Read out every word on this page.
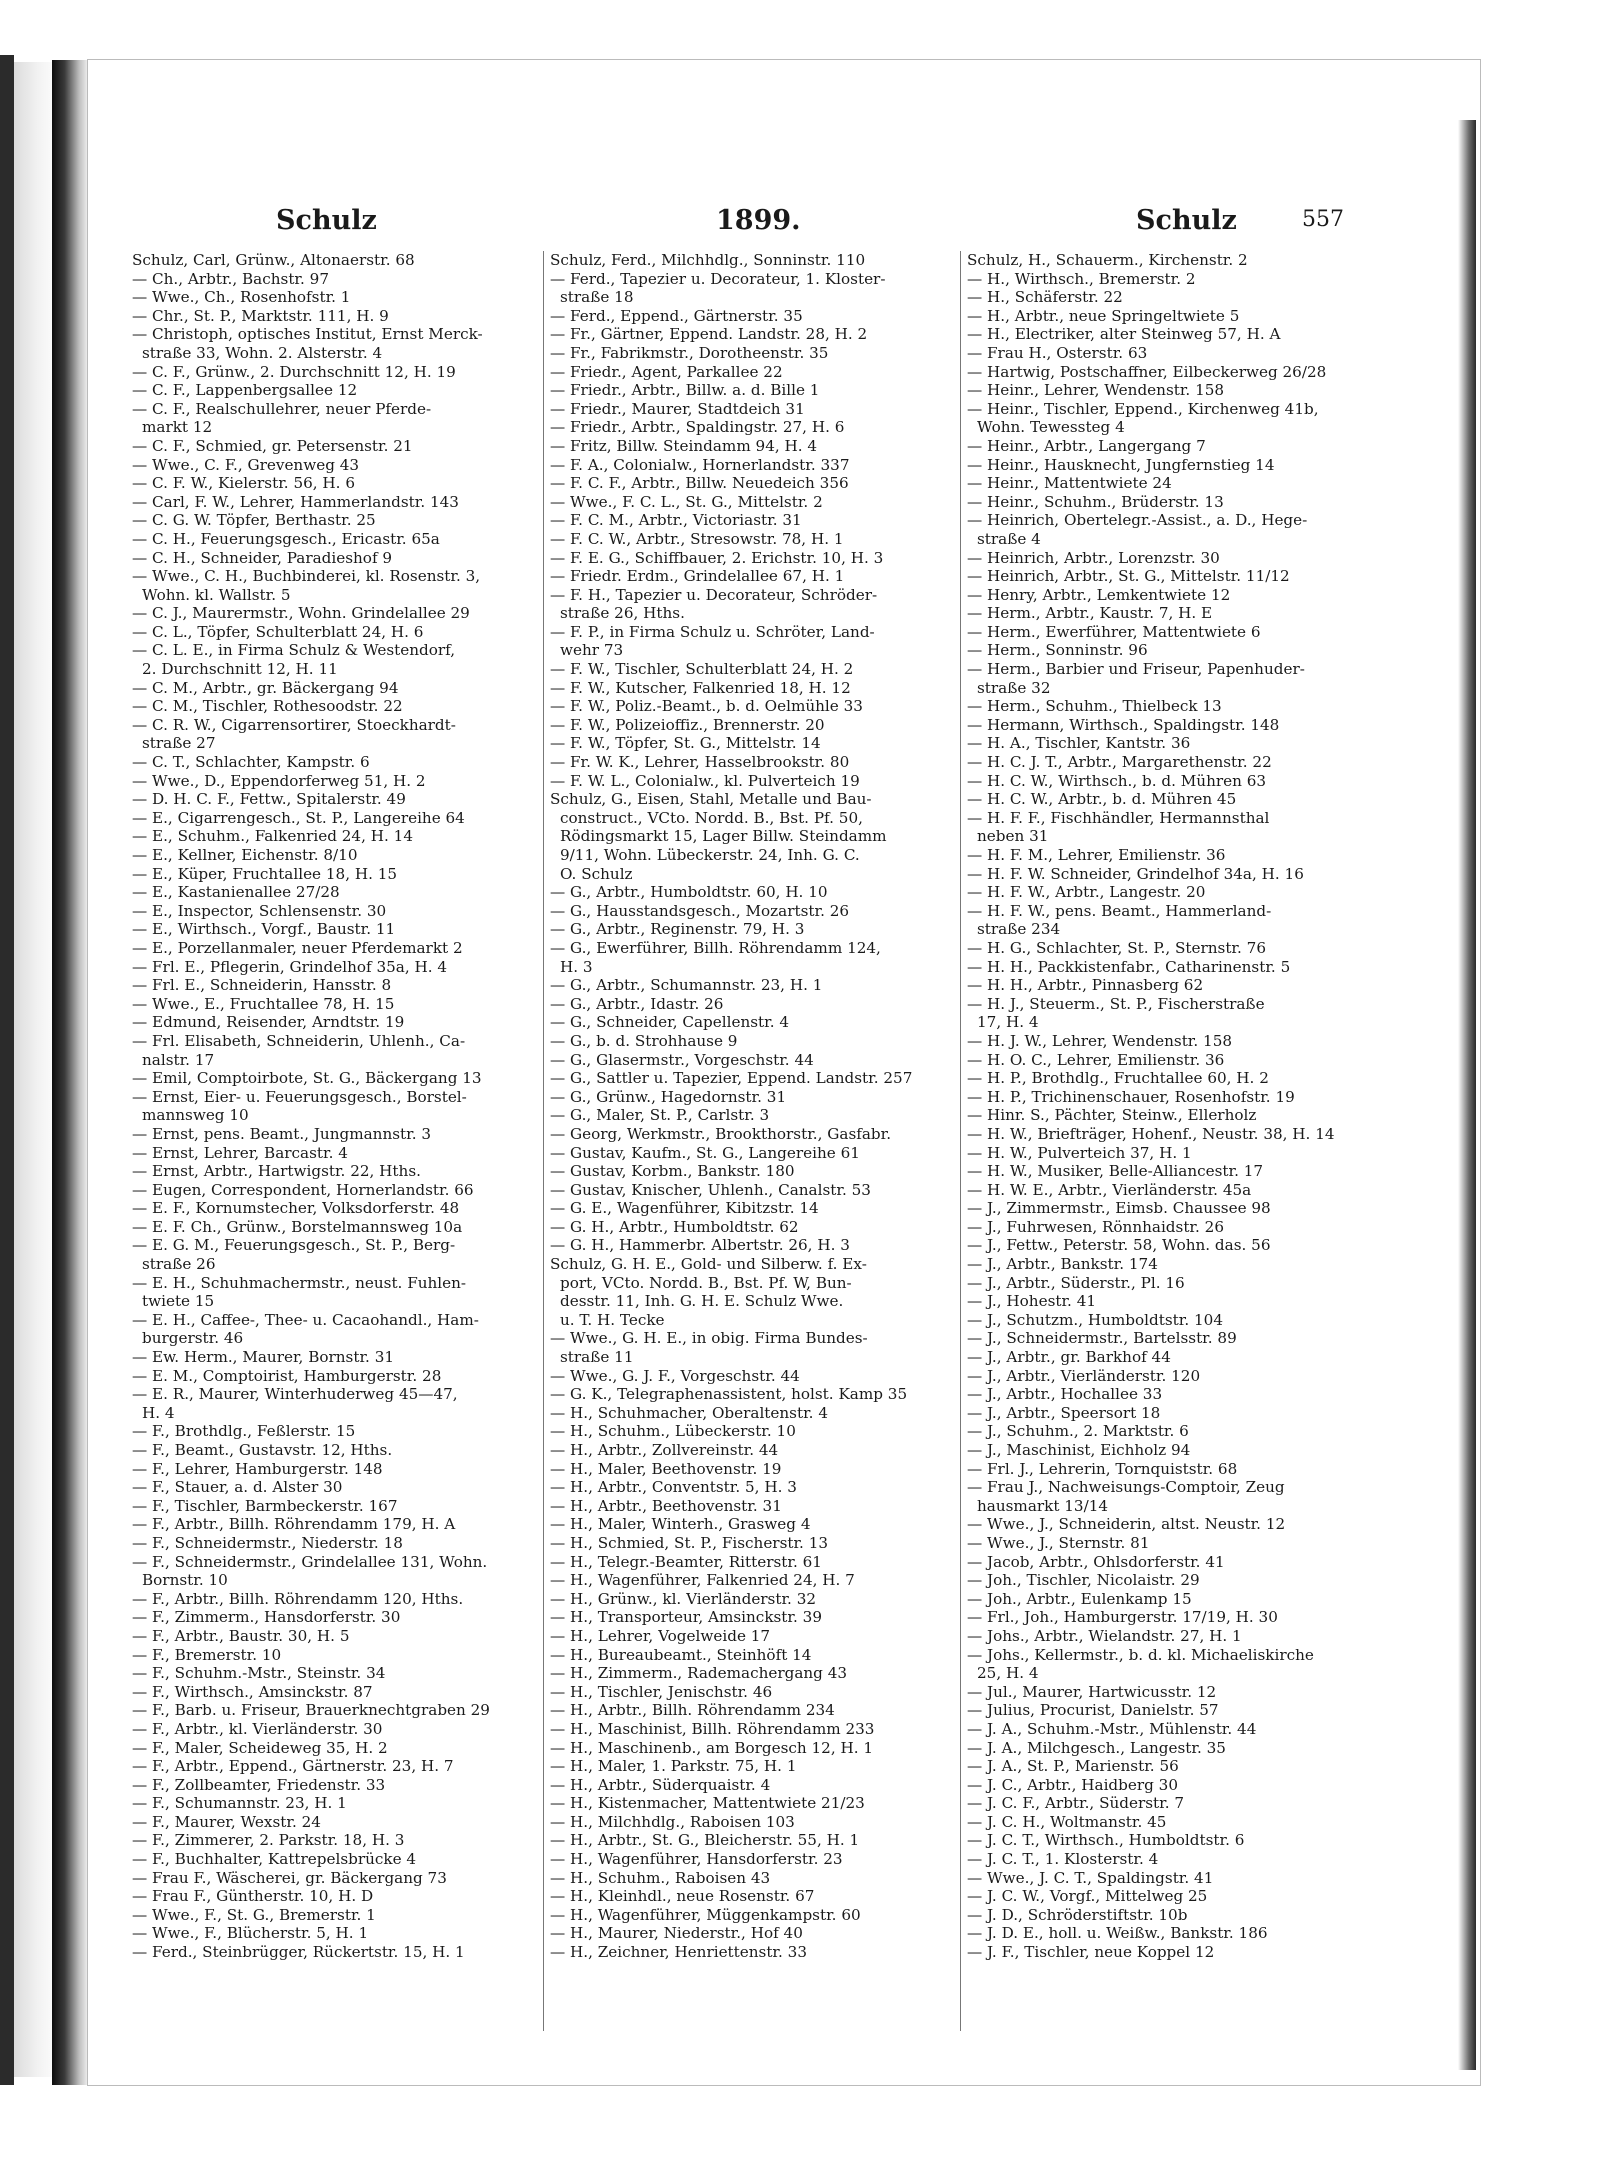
Schulz	1899.	Schulz	557
Schulz, Carl, Grünw., Altonaerstr. 68
— Ch., Arbtr., Bachstr. 97
— Wwe., Ch., Rosenhofstr. 1
— Chr., St. P., Marktstr. 111, H. 9
— Christoph, optisches Institut, Ernst Merck-
straße 33, Wohn. 2. Alsterstr. 4
— C. F., Grünw., 2. Durchschnitt 12, H. 19
— C. F., Lappenbergsallee 12
— C. F., Realschullehrer, neuer Pferde-
markt 12
— C. F., Schmied, gr. Petersenstr. 21
— Wwe., C. F., Grevenweg 43
— C. F. W., Kielerstr. 56, H. 6
— Carl, F. W., Lehrer, Hammerlandstr. 143
— C. G. W. Töpfer, Berthastr. 25
— C. H., Feuerungsgesch., Ericastr. 65a
— C. H., Schneider, Paradieshof 9
— Wwe., C. H., Buchbinderei, kl. Rosenstr. 3,
Wohn. kl. Wallstr. 5
— C. J., Maurermstr., Wohn. Grindelallee 29
— C. L., Töpfer, Schulterblatt 24, H. 6
— C. L. E., in Firma Schulz & Westendorf,
2. Durchschnitt 12, H. 11
— C. M., Arbtr., gr. Bäckergang 94
— C. M., Tischler, Rothesoodstr. 22
— C. R. W., Cigarrensortirer, Stoeckhardt-
straße 27
— C. T., Schlachter, Kampstr. 6
— Wwe., D., Eppendorferweg 51, H. 2
— D. H. C. F., Fettw., Spitalerstr. 49
— E., Cigarrengesch., St. P., Langereihe 64
— E., Schuhm., Falkenried 24, H. 14
— E., Kellner, Eichenstr. 8/10
— E., Küper, Fruchtallee 18, H. 15
— E., Kastanienallee 27/28
— E., Inspector, Schlensenstr. 30
— E., Wirthsch., Vorgf., Baustr. 11
— E., Porzellanmaler, neuer Pferdemarkt 2
— Frl. E., Pflegerin, Grindelhof 35a, H. 4
— Frl. E., Schneiderin, Hansstr. 8
— Wwe., E., Fruchtallee 78, H. 15
— Edmund, Reisender, Arndtstr. 19
— Frl. Elisabeth, Schneiderin, Uhlenh., Ca-
nalstr. 17
— Emil, Comptoirbote, St. G., Bäckergang 13
— Ernst, Eier- u. Feuerungsgesch., Borstel-
mannsweg 10
— Ernst, pens. Beamt., Jungmannstr. 3
— Ernst, Lehrer, Barcastr. 4
— Ernst, Arbtr., Hartwigstr. 22, Hths.
— Eugen, Correspondent, Hornerlandstr. 66
— E. F., Kornumstecher, Volksdorferstr. 48
— E. F. Ch., Grünw., Borstelmannsweg 10a
— E. G. M., Feuerungsgesch., St. P., Berg-
straße 26
— E. H., Schuhmachermstr., neust. Fuhlen-
twiete 15
— E. H., Caffee-, Thee- u. Cacaohandl., Ham-
burgerstr. 46
— Ew. Herm., Maurer, Bornstr. 31
— E. M., Comptoirist, Hamburgerstr. 28
— E. R., Maurer, Winterhuderweg 45—47,
H. 4
— F., Brothdlg., Feßlerstr. 15
— F., Beamt., Gustavstr. 12, Hths.
— F., Lehrer, Hamburgerstr. 148
— F., Stauer, a. d. Alster 30
— F., Tischler, Barmbeckerstr. 167
— F., Arbtr., Billh. Röhrendamm 179, H. A
— F., Schneidermstr., Niederstr. 18
— F., Schneidermstr., Grindelallee 131, Wohn.
Bornstr. 10
— F., Arbtr., Billh. Röhrendamm 120, Hths.
— F., Zimmerm., Hansdorferstr. 30
— F., Arbtr., Baustr. 30, H. 5
— F., Bremerstr. 10
— F., Schuhm.-Mstr., Steinstr. 34
— F., Wirthsch., Amsinckstr. 87
— F., Barb. u. Friseur, Brauerknechtgraben 29
— F., Arbtr., kl. Vierländerstr. 30
— F., Maler, Scheideweg 35, H. 2
— F., Arbtr., Eppend., Gärtnerstr. 23, H. 7
— F., Zollbeamter, Friedenstr. 33
— F., Schumannstr. 23, H. 1
— F., Maurer, Wexstr. 24
— F., Zimmerer, 2. Parkstr. 18, H. 3
— F., Buchhalter, Kattrepelsbrücke 4
— Frau F., Wäscherei, gr. Bäckergang 73
— Frau F., Güntherstr. 10, H. D
— Wwe., F., St. G., Bremerstr. 1
— Wwe., F., Blücherstr. 5, H. 1
— Ferd., Steinbrügger, Rückertstr. 15, H. 1
Schulz, Ferd., Milchhdlg., Sonninstr. 110
— Ferd., Tapezier u. Decorateur, 1. Kloster-
straße 18
— Ferd., Eppend., Gärtnerstr. 35
— Fr., Gärtner, Eppend. Landstr. 28, H. 2
— Fr., Fabrikmstr., Dorotheenstr. 35
— Friedr., Agent, Parkallee 22
— Friedr., Arbtr., Billw. a. d. Bille 1
— Friedr., Maurer, Stadtdeich 31
— Friedr., Arbtr., Spaldingstr. 27, H. 6
— Fritz, Billw. Steindamm 94, H. 4
— F. A., Colonialw., Hornerlandstr. 337
— F. C. F., Arbtr., Billw. Neuedeich 356
— Wwe., F. C. L., St. G., Mittelstr. 2
— F. C. M., Arbtr., Victoriastr. 31
— F. C. W., Arbtr., Stresowstr. 78, H. 1
— F. E. G., Schiffbauer, 2. Erichstr. 10, H. 3
— Friedr. Erdm., Grindelallee 67, H. 1
— F. H., Tapezier u. Decorateur, Schröder-
straße 26, Hths.
— F. P., in Firma Schulz u. Schröter, Land-
wehr 73
— F. W., Tischler, Schulterblatt 24, H. 2
— F. W., Kutscher, Falkenried 18, H. 12
— F. W., Poliz.-Beamt., b. d. Oelmühle 33
— F. W., Polizeioffiz., Brennerstr. 20
— F. W., Töpfer, St. G., Mittelstr. 14
— Fr. W. K., Lehrer, Hasselbrookstr. 80
— F. W. L., Colonialw., kl. Pulverteich 19
Schulz, G., Eisen, Stahl, Metalle und Bau-
construct., VCto. Nordd. B., Bst. Pf. 50,
Rödingsmarkt 15, Lager Billw. Steindamm
9/11, Wohn. Lübeckerstr. 24, Inh. G. C.
O. Schulz
— G., Arbtr., Humboldtstr. 60, H. 10
— G., Hausstandsgesch., Mozartstr. 26
— G., Arbtr., Reginenstr. 79, H. 3
— G., Ewerführer, Billh. Röhrendamm 124,
H. 3
— G., Arbtr., Schumannstr. 23, H. 1
— G., Arbtr., Idastr. 26
— G., Schneider, Capellenstr. 4
— G., b. d. Strohhause 9
— G., Glasermstr., Vorgeschstr. 44
— G., Sattler u. Tapezier, Eppend. Landstr. 257
— G., Grünw., Hagedornstr. 31
— G., Maler, St. P., Carlstr. 3
— Georg, Werkmstr., Brookthorstr., Gasfabr.
— Gustav, Kaufm., St. G., Langereihe 61
— Gustav, Korbm., Bankstr. 180
— Gustav, Knischer, Uhlenh., Canalstr. 53
— G. E., Wagenführer, Kibitzstr. 14
— G. H., Arbtr., Humboldtstr. 62
— G. H., Hammerbr. Albertstr. 26, H. 3
Schulz, G. H. E., Gold- und Silberw. f. Ex-
port, VCto. Nordd. B., Bst. Pf. W, Bun-
desstr. 11, Inh. G. H. E. Schulz Wwe.
u. T. H. Tecke
— Wwe., G. H. E., in obig. Firma Bundes-
straße 11
— Wwe., G. J. F., Vorgeschstr. 44
— G. K., Telegraphenassistent, holst. Kamp 35
— H., Schuhmacher, Oberaltenstr. 4
— H., Schuhm., Lübeckerstr. 10
— H., Arbtr., Zollvereinstr. 44
— H., Maler, Beethovenstr. 19
— H., Arbtr., Conventstr. 5, H. 3
— H., Arbtr., Beethovenstr. 31
— H., Maler, Winterh., Grasweg 4
— H., Schmied, St. P., Fischerstr. 13
— H., Telegr.-Beamter, Ritterstr. 61
— H., Wagenführer, Falkenried 24, H. 7
— H., Grünw., kl. Vierländerstr. 32
— H., Transporteur, Amsinckstr. 39
— H., Lehrer, Vogelweide 17
— H., Bureaubeamt., Steinhöft 14
— H., Zimmerm., Rademachergang 43
— H., Tischler, Jenischstr. 46
— H., Arbtr., Billh. Röhrendamm 234
— H., Maschinist, Billh. Röhrendamm 233
— H., Maschinenb., am Borgesch 12, H. 1
— H., Maler, 1. Parkstr. 75, H. 1
— H., Arbtr., Süderquaistr. 4
— H., Kistenmacher, Mattentwiete 21/23
— H., Milchhdlg., Raboisen 103
— H., Arbtr., St. G., Bleicherstr. 55, H. 1
— H., Wagenführer, Hansdorferstr. 23
— H., Schuhm., Raboisen 43
— H., Kleinhdl., neue Rosenstr. 67
— H., Wagenführer, Müggenkampstr. 60
— H., Maurer, Niederstr., Hof 40
— H., Zeichner, Henriettenstr. 33
Schulz, H., Schauerm., Kirchenstr. 2
— H., Wirthsch., Bremerstr. 2
— H., Schäferstr. 22
— H., Arbtr., neue Springeltwiete 5
— H., Electriker, alter Steinweg 57, H. A
— Frau H., Osterstr. 63
— Hartwig, Postschaffner, Eilbeckerweg 26/28
— Heinr., Lehrer, Wendenstr. 158
— Heinr., Tischler, Eppend., Kirchenweg 41b,
Wohn. Tewessteg 4
— Heinr., Arbtr., Langergang 7
— Heinr., Hausknecht, Jungfernstieg 14
— Heinr., Mattentwiete 24
— Heinr., Schuhm., Brüderstr. 13
— Heinrich, Obertelegr.-Assist., a. D., Hege-
straße 4
— Heinrich, Arbtr., Lorenzstr. 30
— Heinrich, Arbtr., St. G., Mittelstr. 11/12
— Henry, Arbtr., Lemkentwiete 12
— Herm., Arbtr., Kaustr. 7, H. E
— Herm., Ewerführer, Mattentwiete 6
— Herm., Sonninstr. 96
— Herm., Barbier und Friseur, Papenhuder-
straße 32
— Herm., Schuhm., Thielbeck 13
— Hermann, Wirthsch., Spaldingstr. 148
— H. A., Tischler, Kantstr. 36
— H. C. J. T., Arbtr., Margarethenstr. 22
— H. C. W., Wirthsch., b. d. Mühren 63
— H. C. W., Arbtr., b. d. Mühren 45
— H. F. F., Fischhändler, Hermannsthal
neben 31
— H. F. M., Lehrer, Emilienstr. 36
— H. F. W. Schneider, Grindelhof 34a, H. 16
— H. F. W., Arbtr., Langestr. 20
— H. F. W., pens. Beamt., Hammerland-
straße 234
— H. G., Schlachter, St. P., Sternstr. 76
— H. H., Packkistenfabr., Catharinenstr. 5
— H. H., Arbtr., Pinnasberg 62
— H. J., Steuerm., St. P., Fischerstraße
17, H. 4
— H. J. W., Lehrer, Wendenstr. 158
— H. O. C., Lehrer, Emilienstr. 36
— H. P., Brothdlg., Fruchtallee 60, H. 2
— H. P., Trichinenschauer, Rosenhofstr. 19
— Hinr. S., Pächter, Steinw., Ellerholz
— H. W., Briefträger, Hohenf., Neustr. 38, H. 14
— H. W., Pulverteich 37, H. 1
— H. W., Musiker, Belle-Alliancestr. 17
— H. W. E., Arbtr., Vierländerstr. 45a
— J., Zimmermstr., Eimsb. Chaussee 98
— J., Fuhrwesen, Rönnhaidstr. 26
— J., Fettw., Peterstr. 58, Wohn. das. 56
— J., Arbtr., Bankstr. 174
— J., Arbtr., Süderstr., Pl. 16
— J., Hohestr. 41
— J., Schutzm., Humboldtstr. 104
— J., Schneidermstr., Bartelsstr. 89
— J., Arbtr., gr. Barkhof 44
— J., Arbtr., Vierländerstr. 120
— J., Arbtr., Hochallee 33
— J., Arbtr., Speersort 18
— J., Schuhm., 2. Marktstr. 6
— J., Maschinist, Eichholz 94
— Frl. J., Lehrerin, Tornquiststr. 68
— Frau J., Nachweisungs-Comptoir, Zeug
hausmarkt 13/14
— Wwe., J., Schneiderin, altst. Neustr. 12
— Wwe., J., Sternstr. 81
— Jacob, Arbtr., Ohlsdorferstr. 41
— Joh., Tischler, Nicolaistr. 29
— Joh., Arbtr., Eulenkamp 15
— Frl., Joh., Hamburgerstr. 17/19, H. 30
— Johs., Arbtr., Wielandstr. 27, H. 1
— Johs., Kellermstr., b. d. kl. Michaeliskirche
25, H. 4
— Jul., Maurer, Hartwicusstr. 12
— Julius, Procurist, Danielstr. 57
— J. A., Schuhm.-Mstr., Mühlenstr. 44
— J. A., Milchgesch., Langestr. 35
— J. A., St. P., Marienstr. 56
— J. C., Arbtr., Haidberg 30
— J. C. F., Arbtr., Süderstr. 7
— J. C. H., Woltmanstr. 45
— J. C. T., Wirthsch., Humboldtstr. 6
— J. C. T., 1. Klosterstr. 4
— Wwe., J. C. T., Spaldingstr. 41
— J. C. W., Vorgf., Mittelweg 25
— J. D., Schröderstiftstr. 10b
— J. D. E., holl. u. Weißw., Bankstr. 186
— J. F., Tischler, neue Koppel 12
